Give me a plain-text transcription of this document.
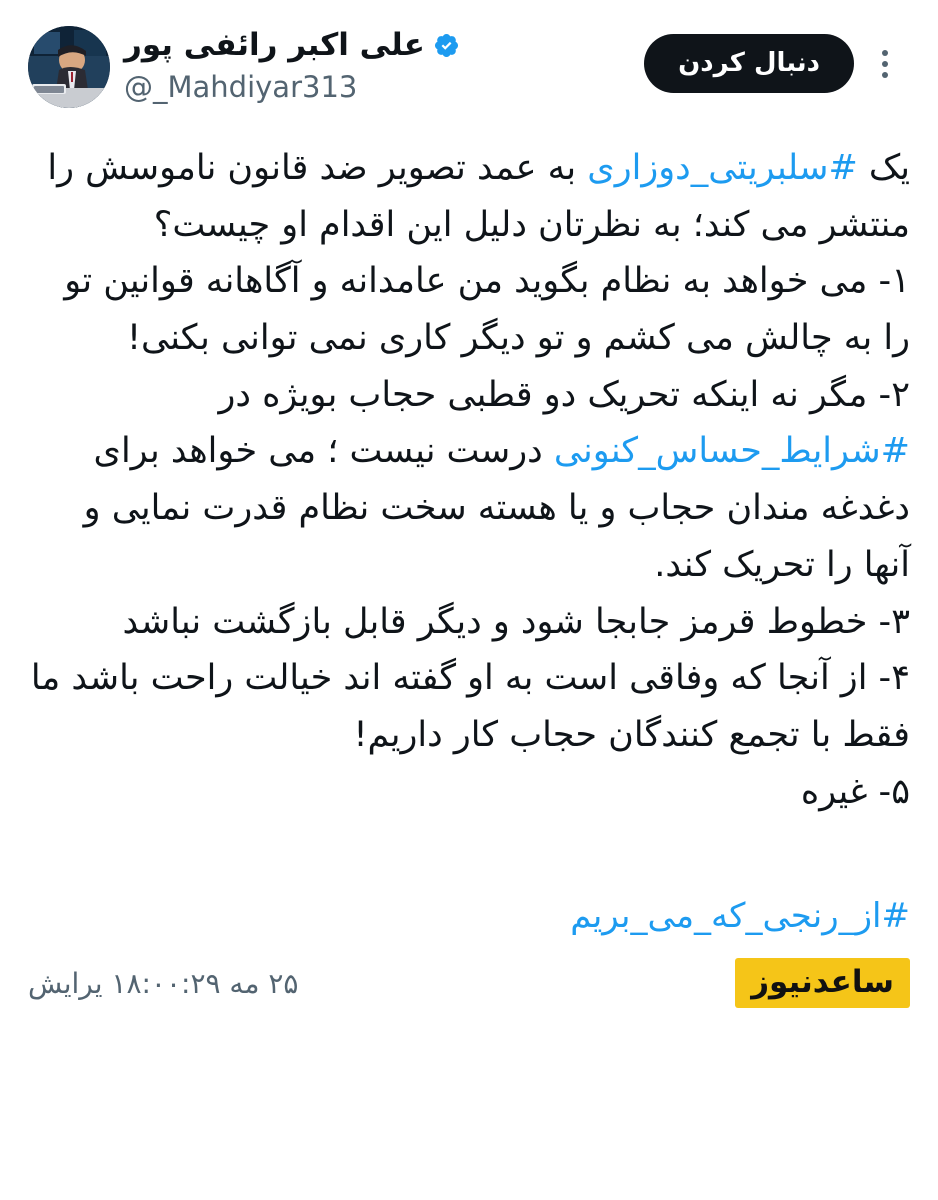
علی اکبر رائفی پور
@_Mahdiyar313
دنبال کردن

یک #سلبریتی_دوزاری به عمد تصویر ضد قانون ناموسش را منتشر می کند؛ به نظرتان دلیل این اقدام او چیست؟

۱- می خواهد به نظام بگوید من عامدانه و آگاهانه قوانین تو را به چالش می کشم و تو دیگر کاری نمی توانی بکنی!

۲- مگر نه اینکه تحریک دو قطبی حجاب بویژه در #شرایط_حساس_کنونی درست نیست ؛ می خواهد برای دغدغه مندان حجاب و یا هسته سخت نظام قدرت نمایی و آنها را تحریک کند.

۳- خطوط قرمز جابجا شود و دیگر قابل بازگشت نباشد

۴- از آنجا که وفاقی است به او گفته اند خیالت راحت باشد ما فقط با تجمع کنندگان حجاب کار داریم!

۵- غیره

#از_رنجی_که_می_بریم
۲۵ مه ۱۸:۰۰:۲۹ یرایش	ساعدنیوز
